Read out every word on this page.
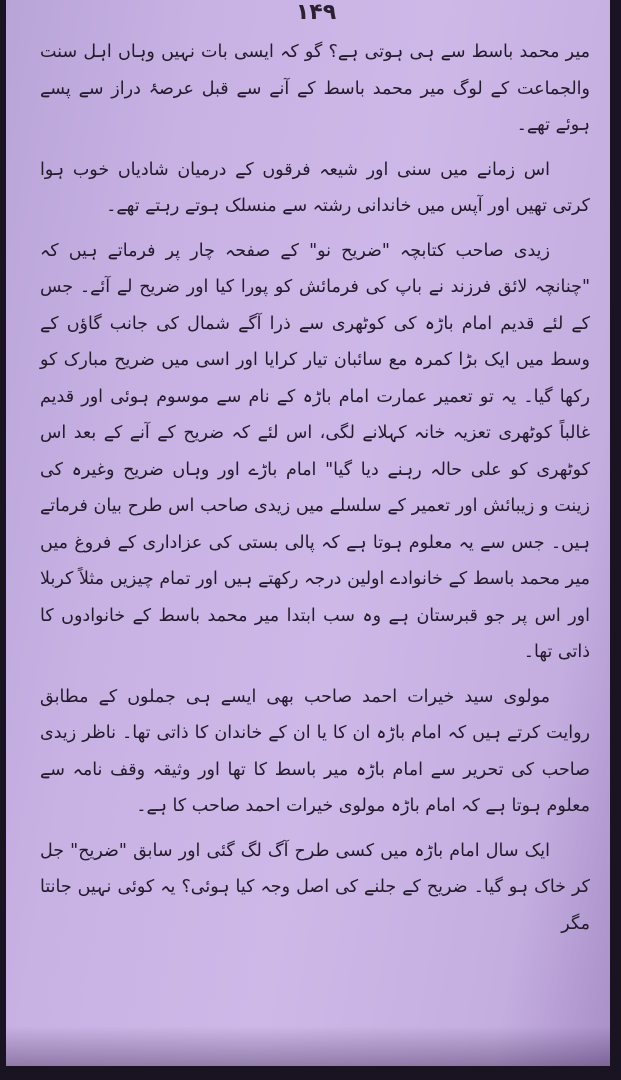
۱۴۹

میر محمد باسط سے ہی ہوتی ہے؟ گو کہ ایسی بات نہیں وہاں اہل سنت والجماعت کے لوگ میر محمد باسط کے آنے سے قبل عرصۂ دراز سے پسے ہوئے تھے۔

اس زمانے میں سنی اور شیعہ فرقوں کے درمیان شادیاں خوب ہوا کرتی تھیں اور آپس میں خاندانی رشتہ سے منسلک ہوتے رہتے تھے۔

زیدی صاحب کتابچہ "ضریح نو" کے صفحہ چار پر فرماتے ہیں کہ "چنانچہ لائق فرزند نے باپ کی فرمائش کو پورا کیا اور ضریح لے آئے۔ جس کے لئے قدیم امام باڑہ کی کوٹھری سے ذرا آگے شمال کی جانب گاؤں کے وسط میں ایک بڑا کمرہ مع سائبان تیار کرایا اور اسی میں ضریح مبارک کو رکھا گیا۔ یہ تو تعمیر عمارت امام باڑہ کے نام سے موسوم ہوئی اور قدیم غالباً کوٹھری تعزیہ خانہ کہلانے لگی، اس لئے کہ ضریح کے آنے کے بعد اس کوٹھری کو علی حالہ رہنے دیا گیا" امام باڑے اور وہاں ضریح وغیرہ کی زینت و زیبائش اور تعمیر کے سلسلے میں زیدی صاحب اس طرح بیان فرماتے ہیں۔ جس سے یہ معلوم ہوتا ہے کہ پالی بستی کی عزاداری کے فروغ میں میر محمد باسط کے خانوادے اولین درجہ رکھتے ہیں اور تمام چیزیں مثلاً کربلا اور اس پر جو قبرستان ہے وہ سب ابتدا میر محمد باسط کے خانوادوں کا ذاتی تھا۔

مولوی سید خیرات احمد صاحب بھی ایسے ہی جملوں کے مطابق روایت کرتے ہیں کہ امام باڑہ ان کا یا ان کے خاندان کا ذاتی تھا۔ ناظر زیدی صاحب کی تحریر سے امام باڑہ میر باسط کا تھا اور وثیقہ وقف نامہ سے معلوم ہوتا ہے کہ امام باڑہ مولوی خیرات احمد صاحب کا ہے۔

ایک سال امام باڑہ میں کسی طرح آگ لگ گئی اور سابق "ضریح" جل کر خاک ہو گیا۔ ضریح کے جلنے کی اصل وجہ کیا ہوئی؟ یہ کوئی نہیں جانتا مگر
